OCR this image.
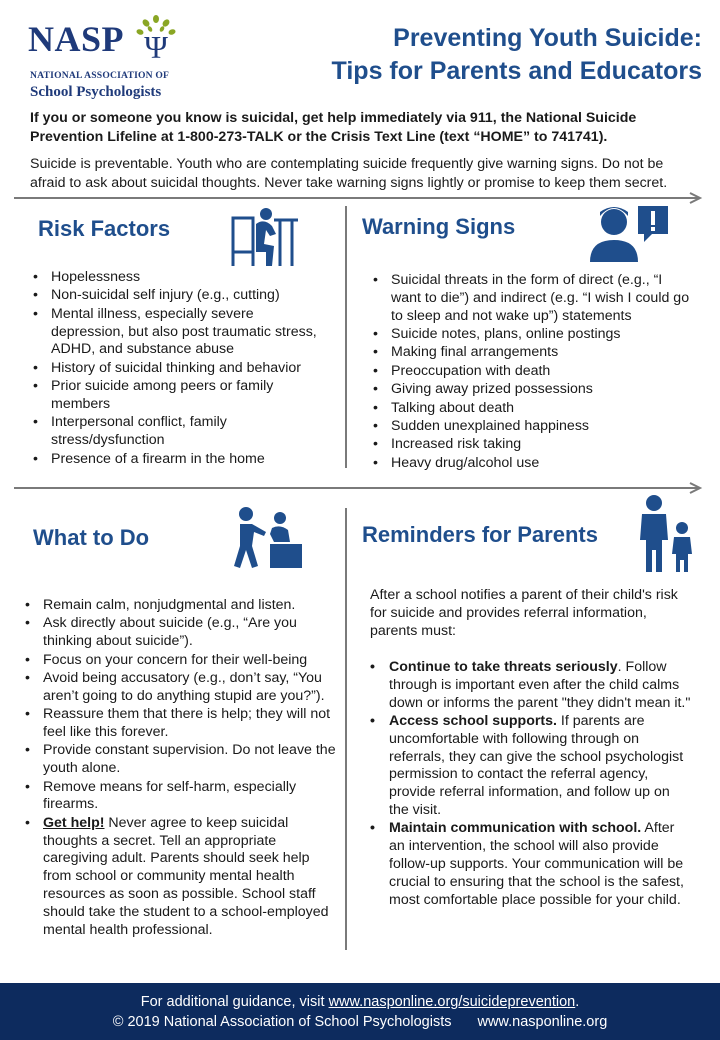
NASP Ψ
NATIONAL ASSOCIATION OF
School Psychologists
Preventing Youth Suicide:
Tips for Parents and Educators
If you or someone you know is suicidal, get help immediately via 911, the National Suicide Prevention Lifeline at 1-800-273-TALK or the Crisis Text Line (text “HOME” to 741741).
Suicide is preventable. Youth who are contemplating suicide frequently give warning signs. Do not be afraid to ask about suicidal thoughts. Never take warning signs lightly or promise to keep them secret.
Risk Factors
• Hopelessness
• Non-suicidal self injury (e.g., cutting)
• Mental illness, especially severe depression, but also post traumatic stress, ADHD, and substance abuse
• History of suicidal thinking and behavior
• Prior suicide among peers or family members
• Interpersonal conflict, family stress/dysfunction
• Presence of a firearm in the home
Warning Signs
• Suicidal threats in the form of direct (e.g., “I want to die”) and indirect (e.g. “I wish I could go to sleep and not wake up”) statements
• Suicide notes, plans, online postings
• Making final arrangements
• Preoccupation with death
• Giving away prized possessions
• Talking about death
• Sudden unexplained happiness
• Increased risk taking
• Heavy drug/alcohol use
What to Do
• Remain calm, nonjudgmental and listen.
• Ask directly about suicide (e.g., “Are you thinking about suicide”).
• Focus on your concern for their well-being
• Avoid being accusatory (e.g., don’t say, “You aren’t going to do anything stupid are you?”).
• Reassure them that there is help; they will not feel like this forever.
• Provide constant supervision. Do not leave the youth alone.
• Remove means for self-harm, especially firearms.
• Get help! Never agree to keep suicidal thoughts a secret. Tell an appropriate caregiving adult. Parents should seek help from school or community mental health resources as soon as possible. School staff should take the student to a school-employed mental health professional.
Reminders for Parents
After a school notifies a parent of their child's risk for suicide and provides referral information, parents must:
• Continue to take threats seriously. Follow through is important even after the child calms down or informs the parent "they didn't mean it."
• Access school supports. If parents are uncomfortable with following through on referrals, they can give the school psychologist permission to contact the referral agency, provide referral information, and follow up on the visit.
• Maintain communication with school. After an intervention, the school will also provide follow-up supports. Your communication will be crucial to ensuring that the school is the safest, most comfortable place possible for your child.
For additional guidance, visit www.nasponline.org/suicideprevention.
© 2019 National Association of School Psychologists www.nasponline.org
